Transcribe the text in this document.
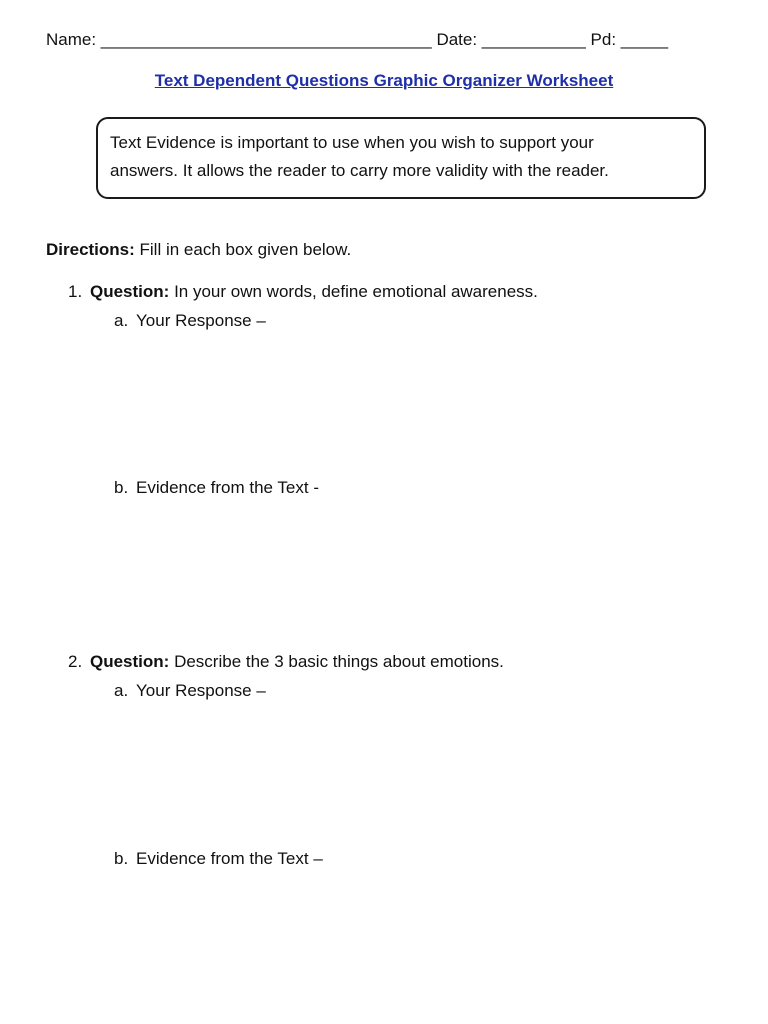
Name: ___________________________________ Date: ___________ Pd: _____
Text Dependent Questions Graphic Organizer Worksheet

Text Evidence is important to use when you wish to support your

answers. It allows the reader to carry more validity with the reader.

Directions: Fill in each box given below.
1. Question: In your own words, define emotional awareness.
a. Your Response –
b. Evidence from the Text -
2. Question: Describe the 3 basic things about emotions.
a. Your Response –
b. Evidence from the Text –
